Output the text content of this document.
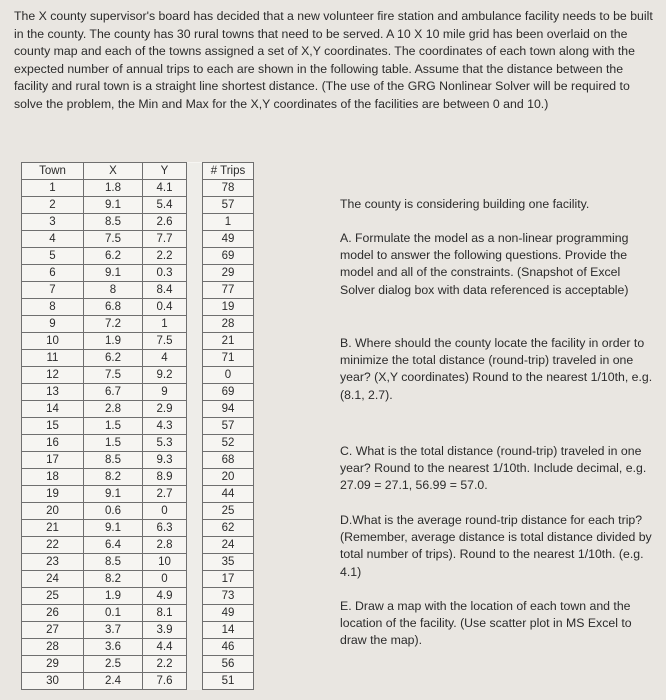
The X county supervisor's board has decided that a new volunteer fire station and ambulance facility needs to be built in the county. The county has 30 rural towns that need to be served. A 10 X 10 mile grid has been overlaid on the county map and each of the towns assigned a set of X,Y coordinates. The coordinates of each town along with the expected number of annual trips to each are shown in the following table. Assume that the distance between the facility and rural town is a straight line shortest distance. (The use of the GRG Nonlinear Solver will be required to solve the problem, the Min and Max for the X,Y coordinates of the facilities are between 0 and 10.)

Town	X	Y		# Trips
1	1.8	4.1		78
2	9.1	5.4		57
3	8.5	2.6		1
4	7.5	7.7		49
5	6.2	2.2		69
6	9.1	0.3		29
7	8	8.4		77
8	6.8	0.4		19
9	7.2	1		28
10	1.9	7.5		21
11	6.2	4		71
12	7.5	9.2		0
13	6.7	9		69
14	2.8	2.9		94
15	1.5	4.3		57
16	1.5	5.3		52
17	8.5	9.3		68
18	8.2	8.9		20
19	9.1	2.7		44
20	0.6	0		25
21	9.1	6.3		62
22	6.4	2.8		24
23	8.5	10		35
24	8.2	0		17
25	1.9	4.9		73
26	0.1	8.1		49
27	3.7	3.9		14
28	3.6	4.4		46
29	2.5	2.2		56
30	2.4	7.6		51

The county is considering building one facility.

A. Formulate the model as a non-linear programming model to answer the following questions. Provide the model and all of the constraints. (Snapshot of Excel Solver dialog box with data referenced is acceptable)

B. Where should the county locate the facility in order to minimize the total distance (round-trip) traveled in one year? (X,Y coordinates) Round to the nearest 1/10th, e.g. (8.1, 2.7).

C. What is the total distance (round-trip) traveled in one year? Round to the nearest 1/10th. Include decimal, e.g. 27.09 = 27.1, 56.99 = 57.0.

D.What is the average round-trip distance for each trip? (Remember, average distance is total distance divided by total number of trips). Round to the nearest 1/10th. (e.g. 4.1)

E. Draw a map with the location of each town and the location of the facility. (Use scatter plot in MS Excel to draw the map).
